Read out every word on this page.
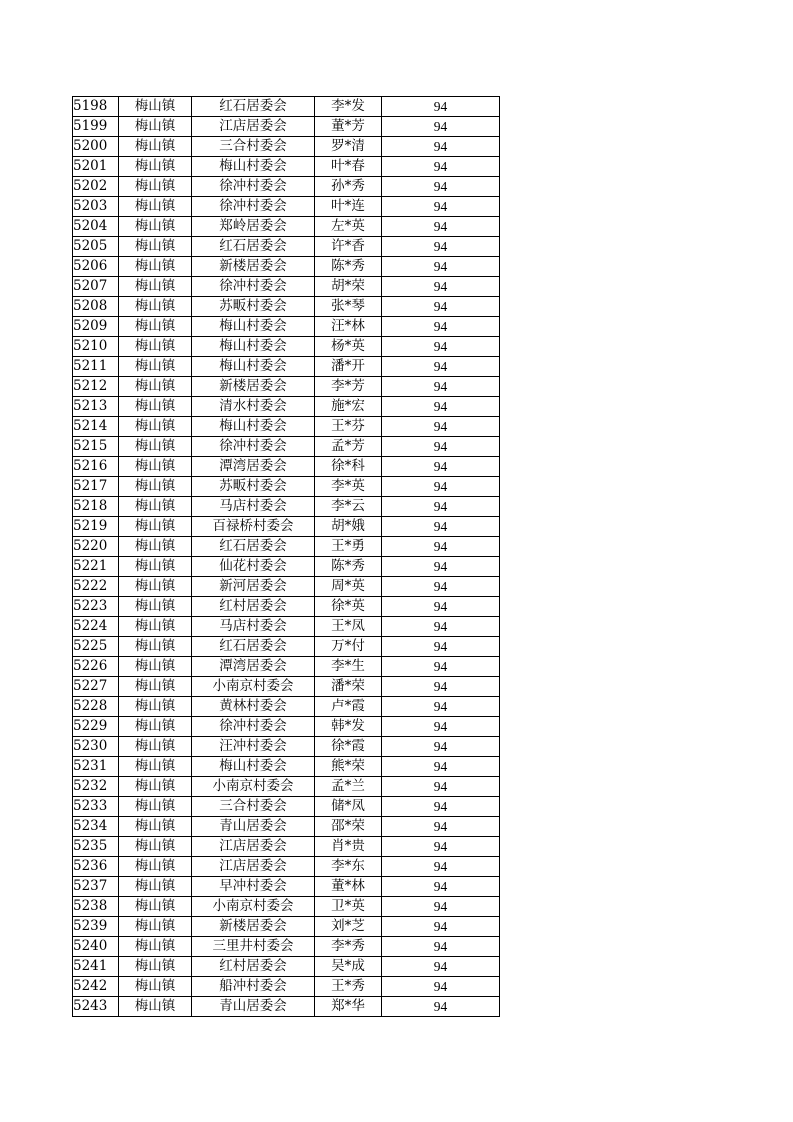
5198	梅山镇	红石居委会	李*发	94
5199	梅山镇	江店居委会	董*芳	94
5200	梅山镇	三合村委会	罗*清	94
5201	梅山镇	梅山村委会	叶*春	94
5202	梅山镇	徐冲村委会	孙*秀	94
5203	梅山镇	徐冲村委会	叶*连	94
5204	梅山镇	郑岭居委会	左*英	94
5205	梅山镇	红石居委会	许*香	94
5206	梅山镇	新楼居委会	陈*秀	94
5207	梅山镇	徐冲村委会	胡*荣	94
5208	梅山镇	苏畈村委会	张*琴	94
5209	梅山镇	梅山村委会	汪*林	94
5210	梅山镇	梅山村委会	杨*英	94
5211	梅山镇	梅山村委会	潘*开	94
5212	梅山镇	新楼居委会	李*芳	94
5213	梅山镇	清水村委会	施*宏	94
5214	梅山镇	梅山村委会	王*芬	94
5215	梅山镇	徐冲村委会	孟*芳	94
5216	梅山镇	潭湾居委会	徐*科	94
5217	梅山镇	苏畈村委会	李*英	94
5218	梅山镇	马店村委会	李*云	94
5219	梅山镇	百禄桥村委会	胡*娥	94
5220	梅山镇	红石居委会	王*勇	94
5221	梅山镇	仙花村委会	陈*秀	94
5222	梅山镇	新河居委会	周*英	94
5223	梅山镇	红村居委会	徐*英	94
5224	梅山镇	马店村委会	王*凤	94
5225	梅山镇	红石居委会	万*付	94
5226	梅山镇	潭湾居委会	李*生	94
5227	梅山镇	小南京村委会	潘*荣	94
5228	梅山镇	黄林村委会	卢*霞	94
5229	梅山镇	徐冲村委会	韩*发	94
5230	梅山镇	汪冲村委会	徐*霞	94
5231	梅山镇	梅山村委会	熊*荣	94
5232	梅山镇	小南京村委会	孟*兰	94
5233	梅山镇	三合村委会	储*凤	94
5234	梅山镇	青山居委会	邵*荣	94
5235	梅山镇	江店居委会	肖*贵	94
5236	梅山镇	江店居委会	李*东	94
5237	梅山镇	早冲村委会	董*林	94
5238	梅山镇	小南京村委会	卫*英	94
5239	梅山镇	新楼居委会	刘*芝	94
5240	梅山镇	三里井村委会	李*秀	94
5241	梅山镇	红村居委会	吴*成	94
5242	梅山镇	船冲村委会	王*秀	94
5243	梅山镇	青山居委会	郑*华	94
